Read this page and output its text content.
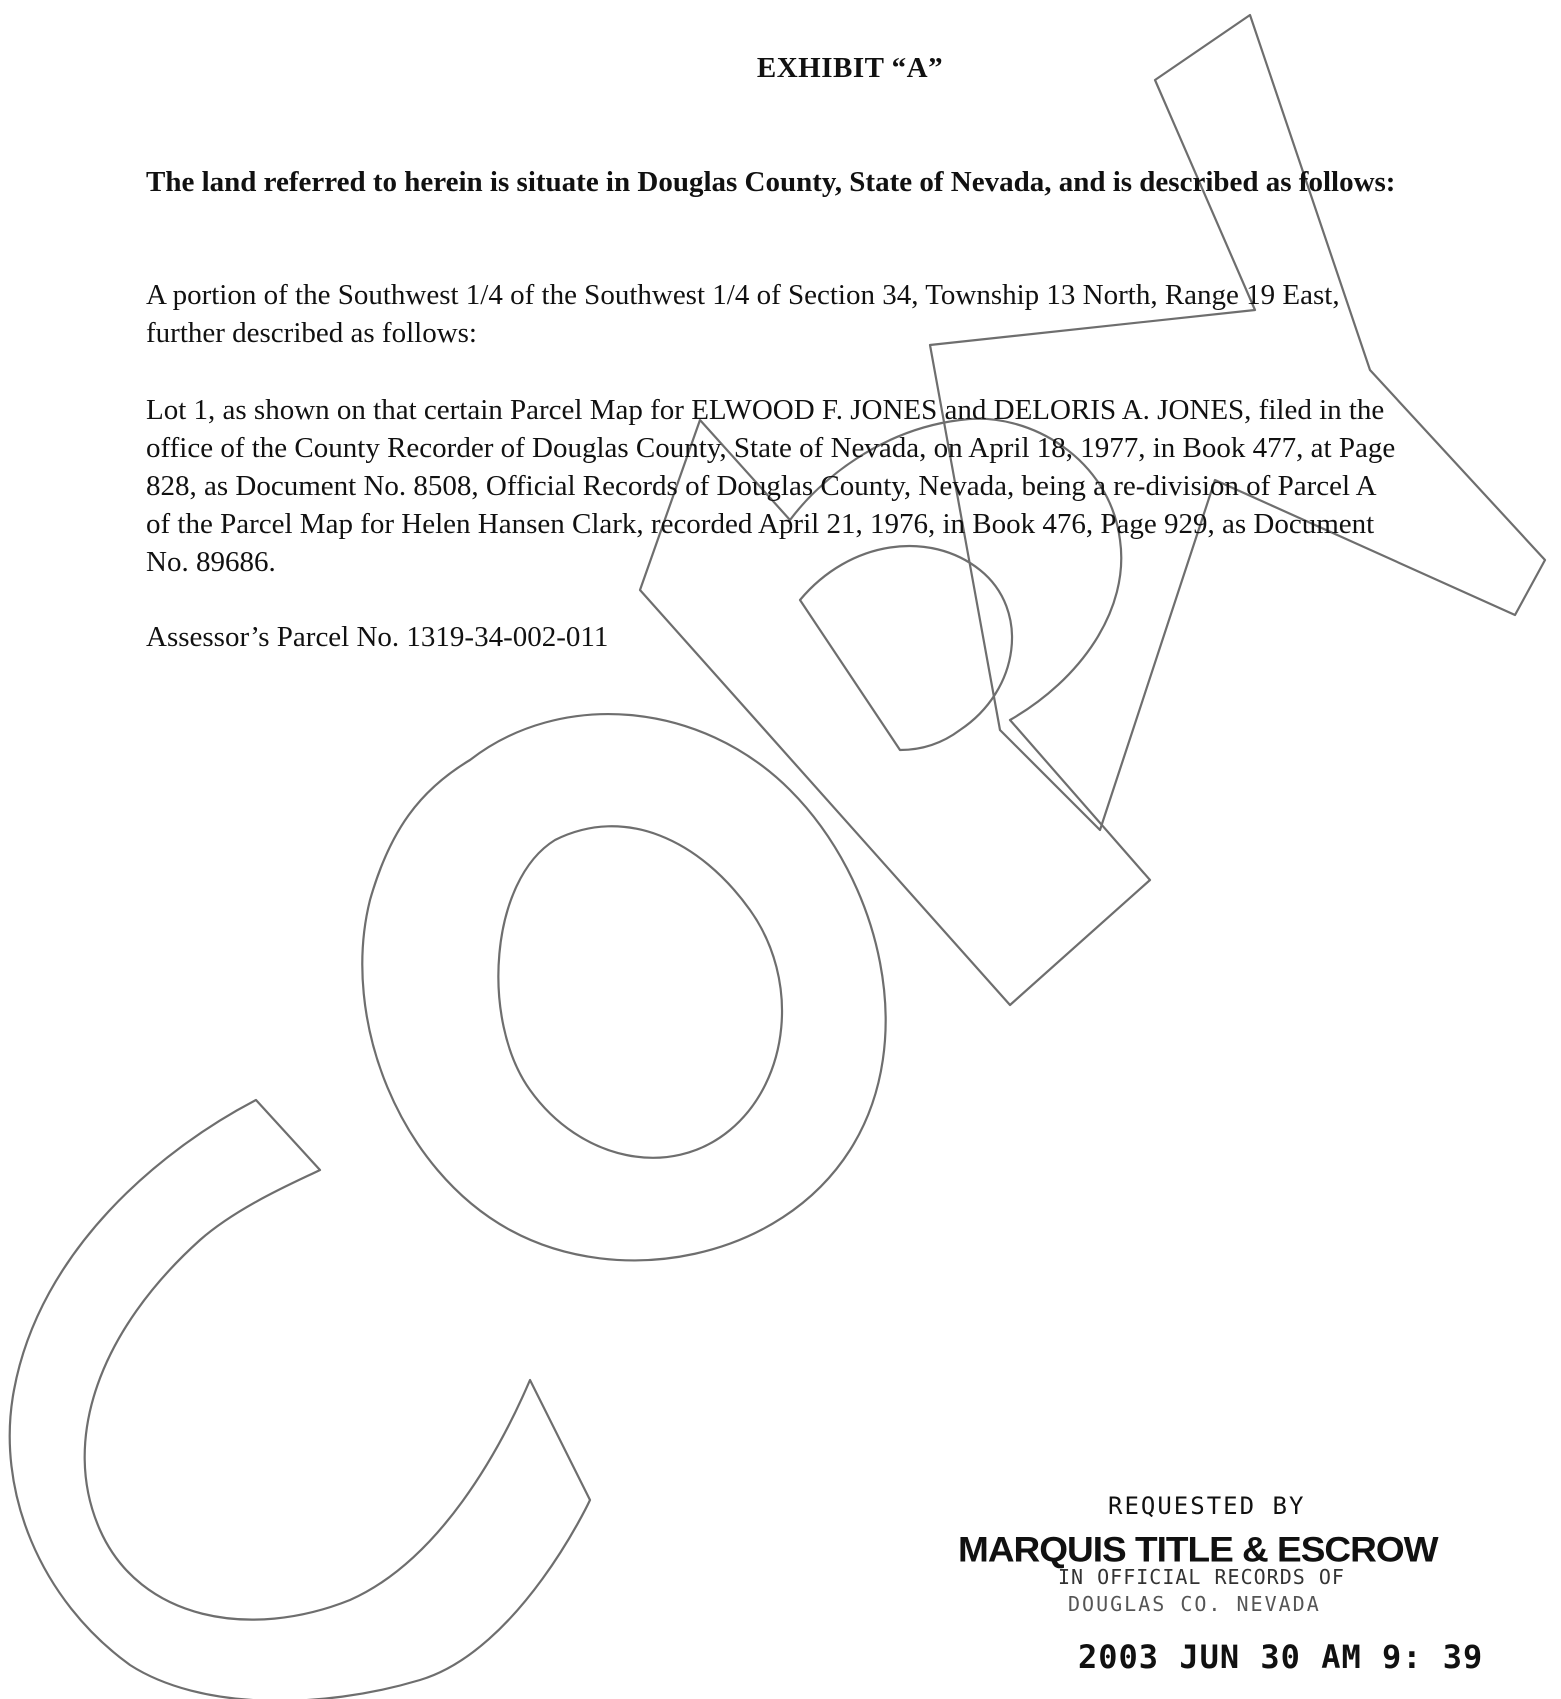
EXHIBIT “A”

The land referred to herein is situate in Douglas County, State of Nevada, and is described as follows:

A portion of the Southwest 1/4 of the Southwest 1/4 of Section 34, Township 13 North, Range 19 East, further described as follows:

Lot 1, as shown on that certain Parcel Map for ELWOOD F. JONES and DELORIS A. JONES, filed in the office of the County Recorder of Douglas County, State of Nevada, on April 18, 1977, in Book 477, at Page 828, as Document No. 8508, Official Records of Douglas County, Nevada, being a re-division of Parcel A of the Parcel Map for Helen Hansen Clark, recorded April 21, 1976, in Book 476, Page 929, as Document No. 89686.

Assessor’s Parcel No. 1319-34-002-011

REQUESTED BY
MARQUIS TITLE & ESCROW
IN OFFICIAL RECORDS OF
DOUGLAS CO. NEVADA
2003 JUN 30 AM 9: 39
